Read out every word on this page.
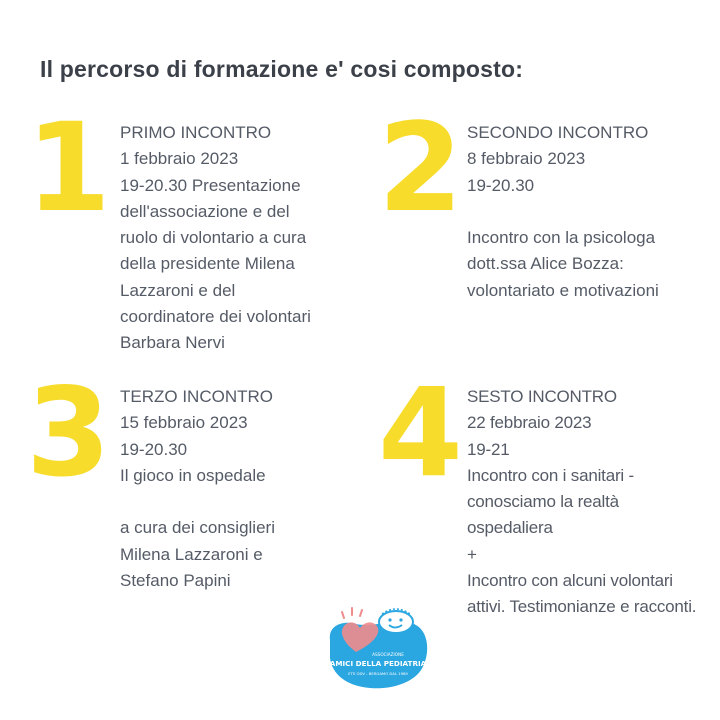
Il percorso di formazione e' cosi composto:
1 PRIMO INCONTRO
1 febbraio 2023
19-20.30 Presentazione
dell'associazione e del
ruolo di volontario a cura
della presidente Milena
Lazzaroni e del
coordinatore dei volontari
Barbara Nervi
2 SECONDO INCONTRO
8 febbraio 2023
19-20.30
Incontro con la psicologa
dott.ssa Alice Bozza:
volontariato e motivazioni
3 TERZO INCONTRO
15 febbraio 2023
19-20.30
Il gioco in ospedale
a cura dei consiglieri
Milena Lazzaroni e
Stefano Papini
4 SESTO INCONTRO
22 febbraio 2023
19-21
Incontro con i sanitari -
conosciamo la realtà
ospedaliera
+
Incontro con alcuni volontari
attivi. Testimonianze e racconti.
ASSOCIAZIONE
AMICI DELLA PEDIATRIA
ETS ODV - BERGAMO DAL 1989
